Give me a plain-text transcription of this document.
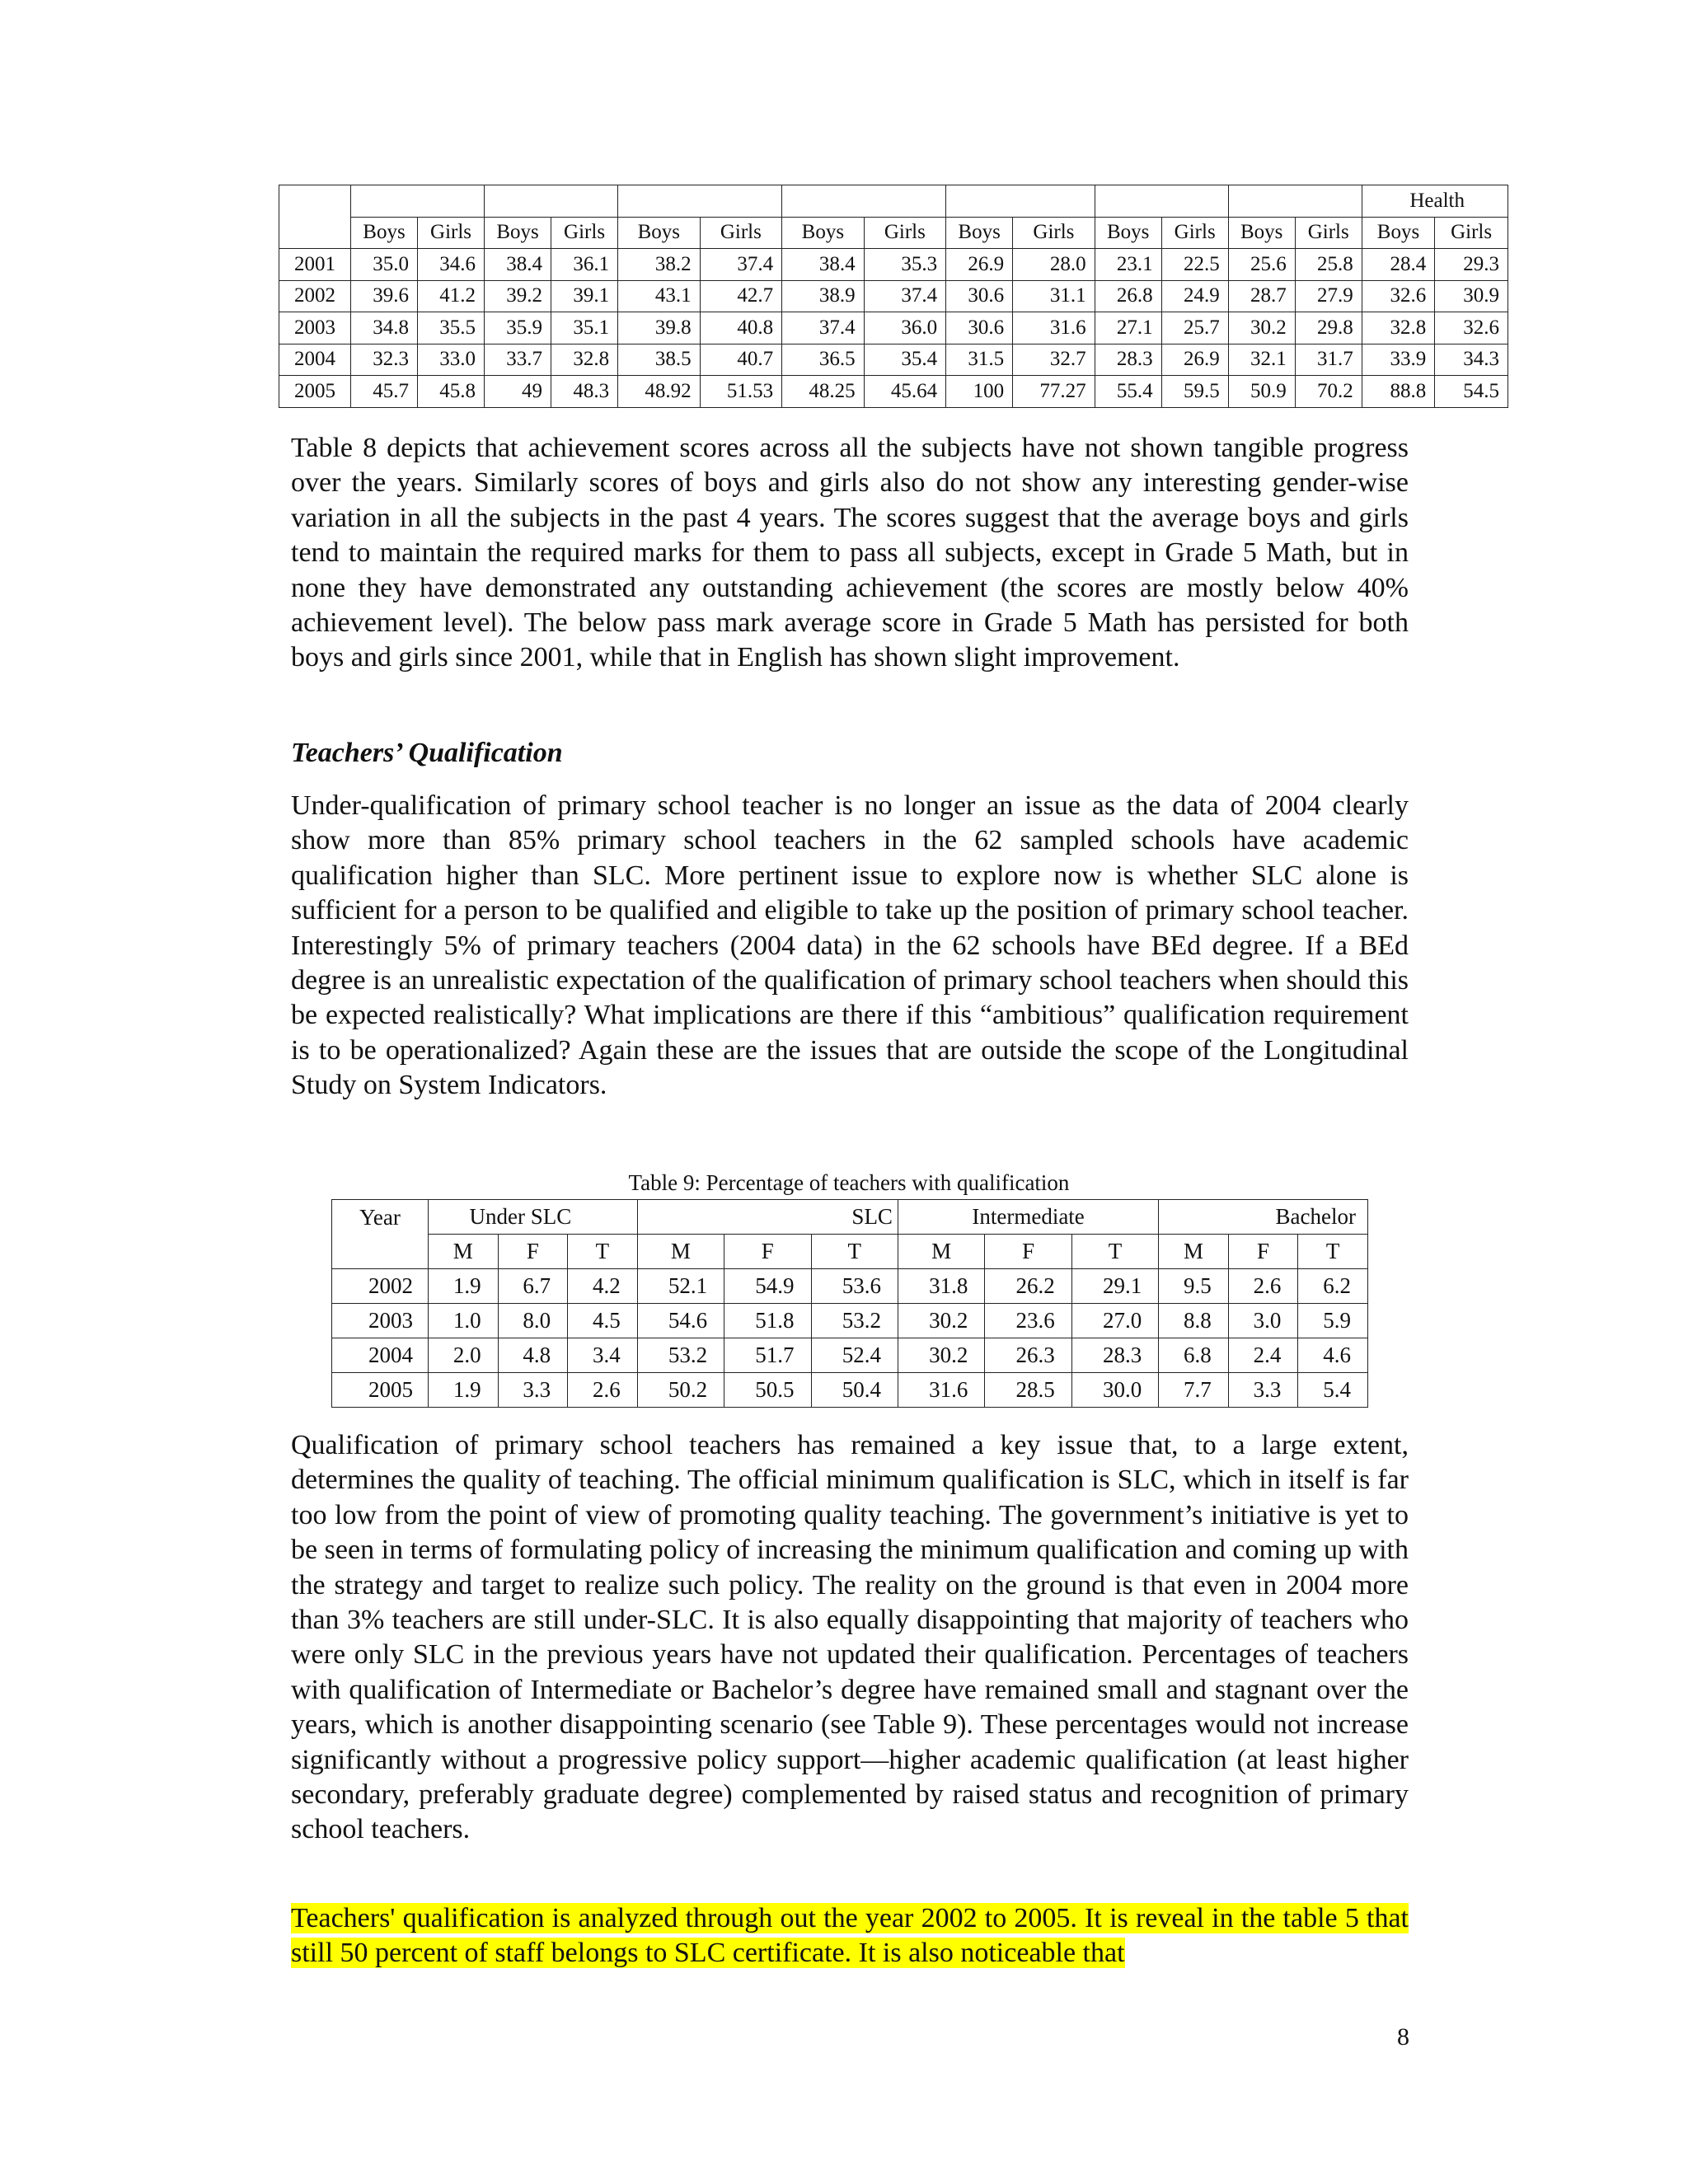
															Health	
	Boys	Girls	Boys	Girls	Boys	Girls	Boys	Girls	Boys	Girls	Boys	Girls	Boys	Girls	Boys	Girls
2001	35.0	34.6	38.4	36.1	38.2	37.4	38.4	35.3	26.9	28.0	23.1	22.5	25.6	25.8	28.4	29.3
2002	39.6	41.2	39.2	39.1	43.1	42.7	38.9	37.4	30.6	31.1	26.8	24.9	28.7	27.9	32.6	30.9
2003	34.8	35.5	35.9	35.1	39.8	40.8	37.4	36.0	30.6	31.6	27.1	25.7	30.2	29.8	32.8	32.6
2004	32.3	33.0	33.7	32.8	38.5	40.7	36.5	35.4	31.5	32.7	28.3	26.9	32.1	31.7	33.9	34.3
2005	45.7	45.8	49	48.3	48.92	51.53	48.25	45.64	100	77.27	55.4	59.5	50.9	70.2	88.8	54.5

Table 8 depicts that achievement scores across all the subjects have not shown tangible progress over the years. Similarly scores of boys and girls also do not show any interesting gender-wise variation in all the subjects in the past 4 years. The scores suggest that the average boys and girls tend to maintain the required marks for them to pass all subjects, except in Grade 5 Math, but in none they have demonstrated any outstanding achievement (the scores are mostly below 40% achievement level). The below pass mark average score in Grade 5 Math has persisted for both boys and girls since 2001, while that in English has shown slight improvement.

Teachers’ Qualification

Under-qualification of primary school teacher is no longer an issue as the data of 2004 clearly show more than 85% primary school teachers in the 62 sampled schools have academic qualification higher than SLC. More pertinent issue to explore now is whether SLC alone is sufficient for a person to be qualified and eligible to take up the position of primary school teacher. Interestingly 5% of primary teachers (2004 data) in the 62 schools have BEd degree. If a BEd degree is an unrealistic expectation of the qualification of primary school teachers when should this be expected realistically? What implications are there if this “ambitious” qualification requirement is to be operationalized? Again these are the issues that are outside the scope of the Longitudinal Study on System Indicators.

Table 9: Percentage of teachers with qualification

Year	Under SLC			SLC			Intermediate			Bachelor		
	M	F	T	M	F	T	M	F	T	M	F	T
2002	1.9	6.7	4.2	52.1	54.9	53.6	31.8	26.2	29.1	9.5	2.6	6.2
2003	1.0	8.0	4.5	54.6	51.8	53.2	30.2	23.6	27.0	8.8	3.0	5.9
2004	2.0	4.8	3.4	53.2	51.7	52.4	30.2	26.3	28.3	6.8	2.4	4.6
2005	1.9	3.3	2.6	50.2	50.5	50.4	31.6	28.5	30.0	7.7	3.3	5.4

Qualification of primary school teachers has remained a key issue that, to a large extent, determines the quality of teaching. The official minimum qualification is SLC, which in itself is far too low from the point of view of promoting quality teaching. The government’s initiative is yet to be seen in terms of formulating policy of increasing the minimum qualification and coming up with the strategy and target to realize such policy. The reality on the ground is that even in 2004 more than 3% teachers are still under-SLC. It is also equally disappointing that majority of teachers who were only SLC in the previous years have not updated their qualification. Percentages of teachers with qualification of Intermediate or Bachelor’s degree have remained small and stagnant over the years, which is another disappointing scenario (see Table 9). These percentages would not increase significantly without a progressive policy support—higher academic qualification (at least higher secondary, preferably graduate degree) complemented by raised status and recognition of primary school teachers.

Teachers' qualification is analyzed through out the year 2002 to 2005. It is reveal in the table 5 that still 50 percent of staff belongs to SLC certificate. It is also noticeable that

8
